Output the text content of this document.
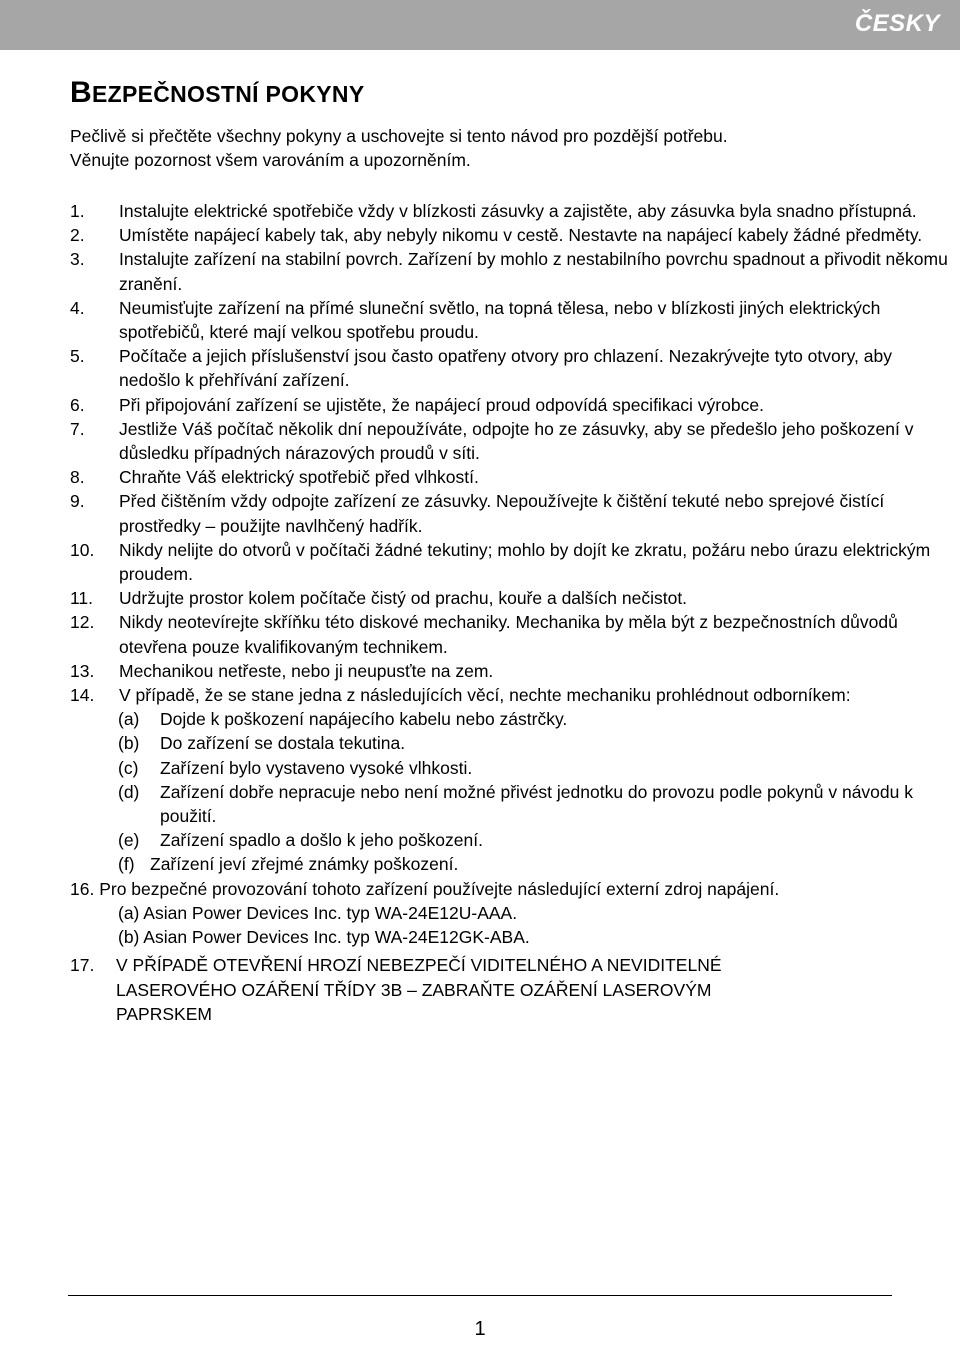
ČESKY
BEZPEČNOSTNÍ POKYNY
Pečlivě si přečtěte všechny pokyny a uschovejte si tento návod pro pozdější potřebu.
Věnujte pozornost všem varováním a upozorněním.
1.	Instalujte elektrické spotřebiče vždy v blízkosti zásuvky a zajistěte, aby zásuvka byla snadno přístupná.
2.	Umístěte napájecí kabely tak, aby nebyly nikomu v cestě. Nestavte na napájecí kabely žádné předměty.
3.	Instalujte zařízení na stabilní povrch. Zařízení by mohlo z nestabilního povrchu spadnout a přivodit někomu zranění.
4.	Neumisťujte zařízení na přímé sluneční světlo, na topná tělesa, nebo v blízkosti jiných elektrických spotřebičů, které mají velkou spotřebu proudu.
5.	Počítače a jejich příslušenství jsou často opatřeny otvory pro chlazení. Nezakrývejte tyto otvory, aby nedošlo k přehřívání zařízení.
6.	Při připojování zařízení se ujistěte, že napájecí proud odpovídá specifikaci výrobce.
7.	Jestliže Váš počítač několik dní nepoužíváte, odpojte ho ze zásuvky, aby se předešlo jeho poškození v důsledku případných nárazových proudů v síti.
8.	Chraňte Váš elektrický spotřebič před vlhkostí.
9.	Před čištěním vždy odpojte zařízení ze zásuvky. Nepoužívejte k čištění tekuté nebo sprejové čistící prostředky – použijte navlhčený hadřík.
10.	Nikdy nelijte do otvorů v počítači žádné tekutiny; mohlo by dojít ke zkratu, požáru nebo úrazu elektrickým proudem.
11.	Udržujte prostor kolem počítače čistý od prachu, kouře a dalších nečistot.
12.	Nikdy neotevírejte skříňku této diskové mechaniky. Mechanika by měla být z bezpečnostních důvodů otevřena pouze kvalifikovaným technikem.
13.	Mechanikou netřeste, nebo ji neupusťte na zem.
14.	V případě, že se stane jedna z následujících věcí, nechte mechaniku prohlédnout odborníkem:
(a)	Dojde k poškození napájecího kabelu nebo zástrčky.
(b)	Do zařízení se dostala tekutina.
(c)	Zařízení bylo vystaveno vysoké vlhkosti.
(d)	Zařízení dobře nepracuje nebo není možné přivést jednotku do provozu podle pokynů v návodu k použití.
(e)	Zařízení spadlo a došlo k jeho poškození.
(f) Zařízení jeví zřejmé známky poškození.
16. Pro bezpečné provozování tohoto zařízení používejte následující externí zdroj napájení.
(a) Asian Power Devices Inc. typ WA-24E12U-AAA.
(b) Asian Power Devices Inc. typ WA-24E12GK-ABA.
17.	V PŘÍPADĚ OTEVŘENÍ HROZÍ NEBEZPEČÍ VIDITELNÉHO A NEVIDITELNÉ LASEROVÉHO OZÁŘENÍ TŘÍDY 3B – ZABRAŇTE OZÁŘENÍ LASEROVÝM PAPRSKEM
1
